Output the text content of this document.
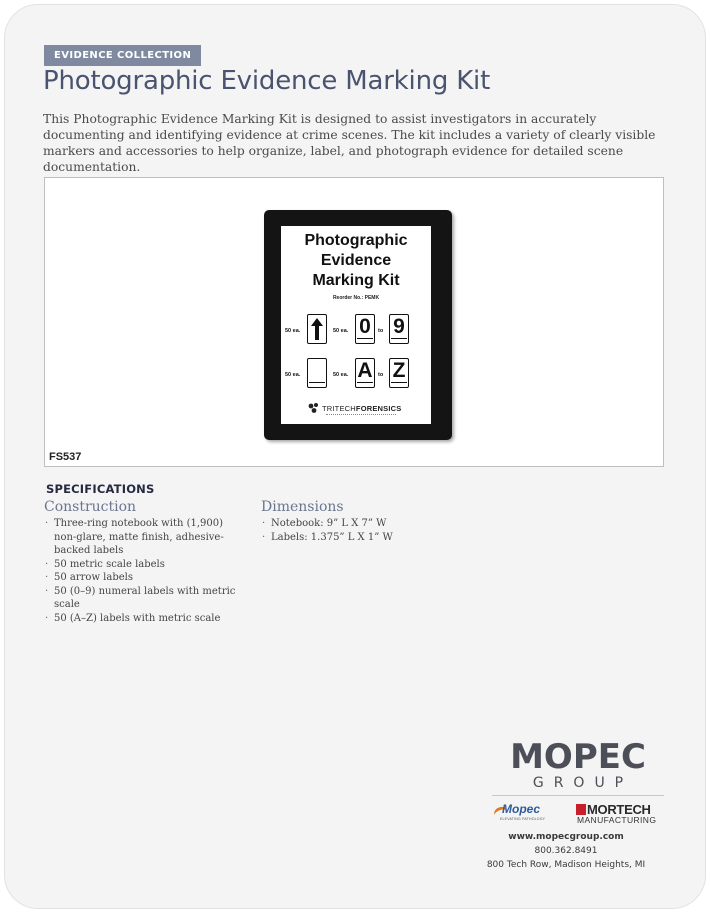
EVIDENCE COLLECTION
Photographic Evidence Marking Kit

This Photographic Evidence Marking Kit is designed to assist investigators in accurately documenting and identifying evidence at crime scenes. The kit includes a variety of clearly visible markers and accessories to help organize, label, and photograph evidence for detailed scene documentation.

Photographic
Evidence
Marking Kit
Reorder No.: PEMK
50 ea.	50 ea. 0	to 9
50 ea.	50 ea. A to Z
TRITECHFORENSICS
FS537
SPECIFICATIONS
Construction
· Three-ring notebook with (1,900) non-glare, matte finish, adhesive-backed labels
· 50 metric scale labels
· 50 arrow labels
· 50 (0–9) numeral labels with metric scale
· 50 (A–Z) labels with metric scale
Dimensions
· Notebook: 9” L X 7” W
· Labels: 1.375” L X 1” W
MOPEC
GROUP
Mopec
ELEVATING PATHOLOGY
MORTECH
MANUFACTURING
www.mopecgroup.com
800.362.8491
800 Tech Row, Madison Heights, MI
